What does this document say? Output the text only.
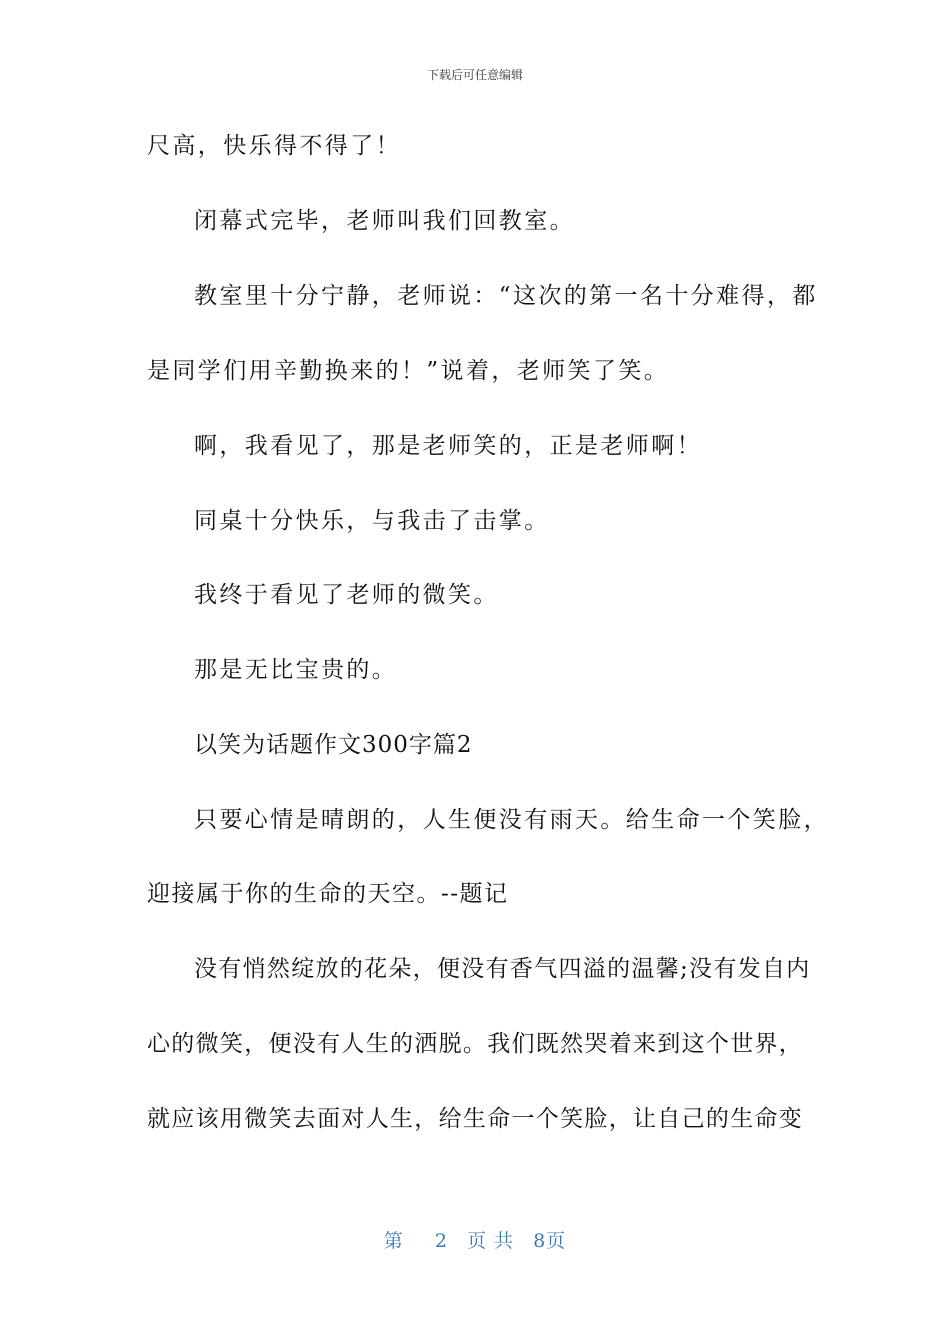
下载后可任意编辑
尺高，快乐得不得了！
闭幕式完毕，老师叫我们回教室。
教室里十分宁静，老师说：“这次的第一名十分难得，都
是同学们用辛勤换来的！”说着，老师笑了笑。
啊，我看见了，那是老师笑的，正是老师啊！
同桌十分快乐，与我击了击掌。
我终于看见了老师的微笑。
那是无比宝贵的。
以笑为话题作文300字篇2
只要心情是晴朗的，人生便没有雨天。给生命一个笑脸，
迎接属于你的生命的天空。--题记
没有悄然绽放的花朵，便没有香气四溢的温馨;没有发自内
心的微笑，便没有人生的洒脱。我们既然哭着来到这个世界，
就应该用微笑去面对人生，给生命一个笑脸，让自己的生命变
第 2 页 共 8页
